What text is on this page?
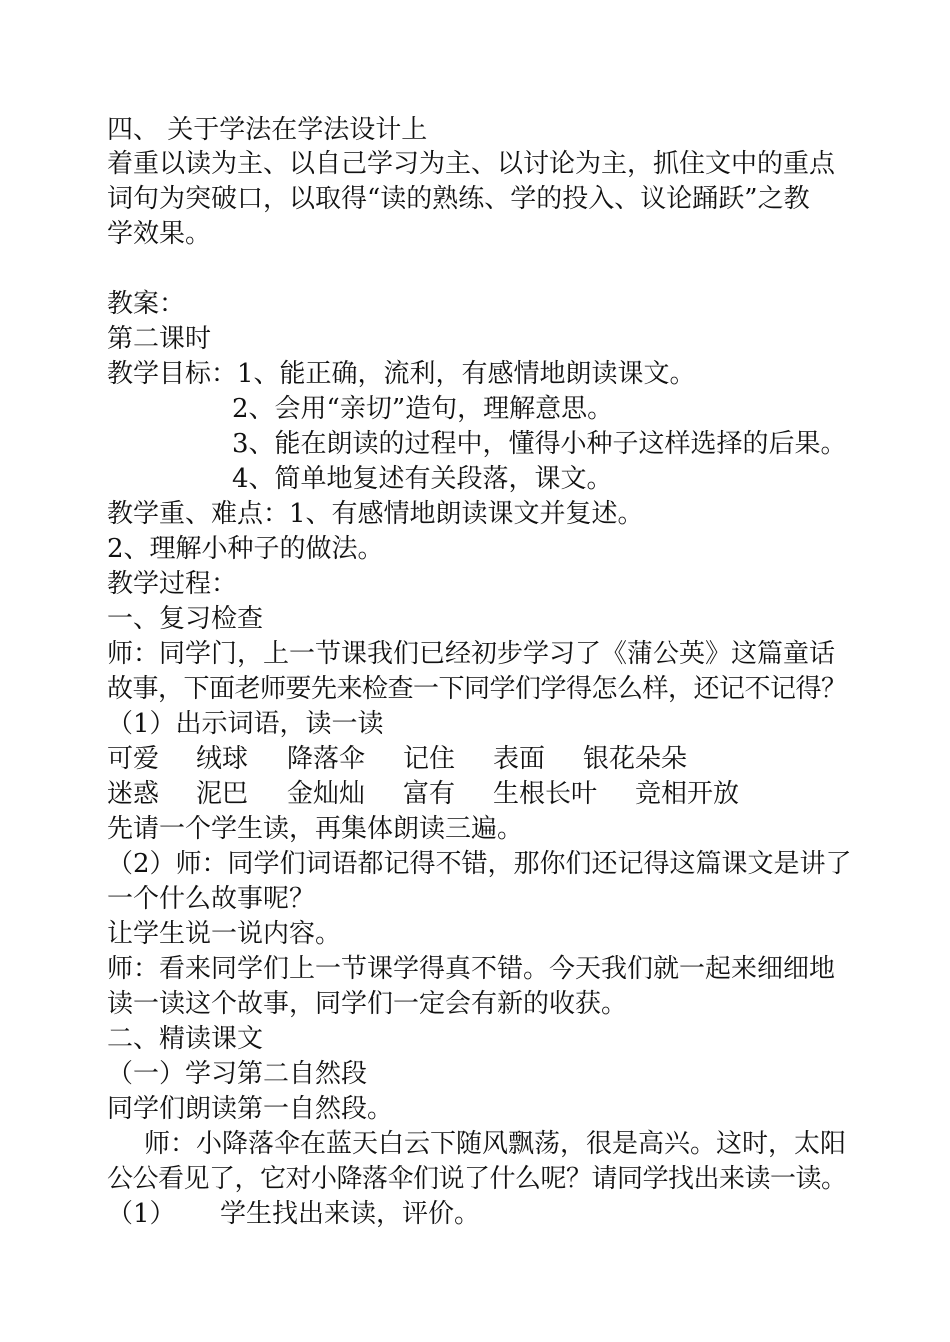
四、 关于学法在学法设计上
着重以读为主、以自己学习为主、以讨论为主，抓住文中的重点
词句为突破口，以取得“读的熟练、学的投入、议论踊跃”之教
学效果。
教案：
第二课时
教学目标：1、能正确，流利，有感情地朗读课文。
2、会用“亲切”造句，理解意思。
3、能在朗读的过程中，懂得小种子这样选择的后果。
4、简单地复述有关段落，课文。
教学重、难点：1、有感情地朗读课文并复述。
2、理解小种子的做法。
教学过程：
一、复习检查
师：同学门，上一节课我们已经初步学习了《蒲公英》这篇童话
故事，下面老师要先来检查一下同学们学得怎么样，还记不记得？
（1）出示词语，读一读
可爱 绒球 降落伞 记住 表面 银花朵朵
迷惑 泥巴 金灿灿 富有 生根长叶 竞相开放
先请一个学生读，再集体朗读三遍。
（2）师：同学们词语都记得不错，那你们还记得这篇课文是讲了
一个什么故事呢？
让学生说一说内容。
师：看来同学们上一节课学得真不错。今天我们就一起来细细地
读一读这个故事，同学们一定会有新的收获。
二、精读课文
（一）学习第二自然段
同学们朗读第一自然段。
师：小降落伞在蓝天白云下随风飘荡，很是高兴。这时，太阳
公公看见了，它对小降落伞们说了什么呢？请同学找出来读一读。
（1） 学生找出来读，评价。
